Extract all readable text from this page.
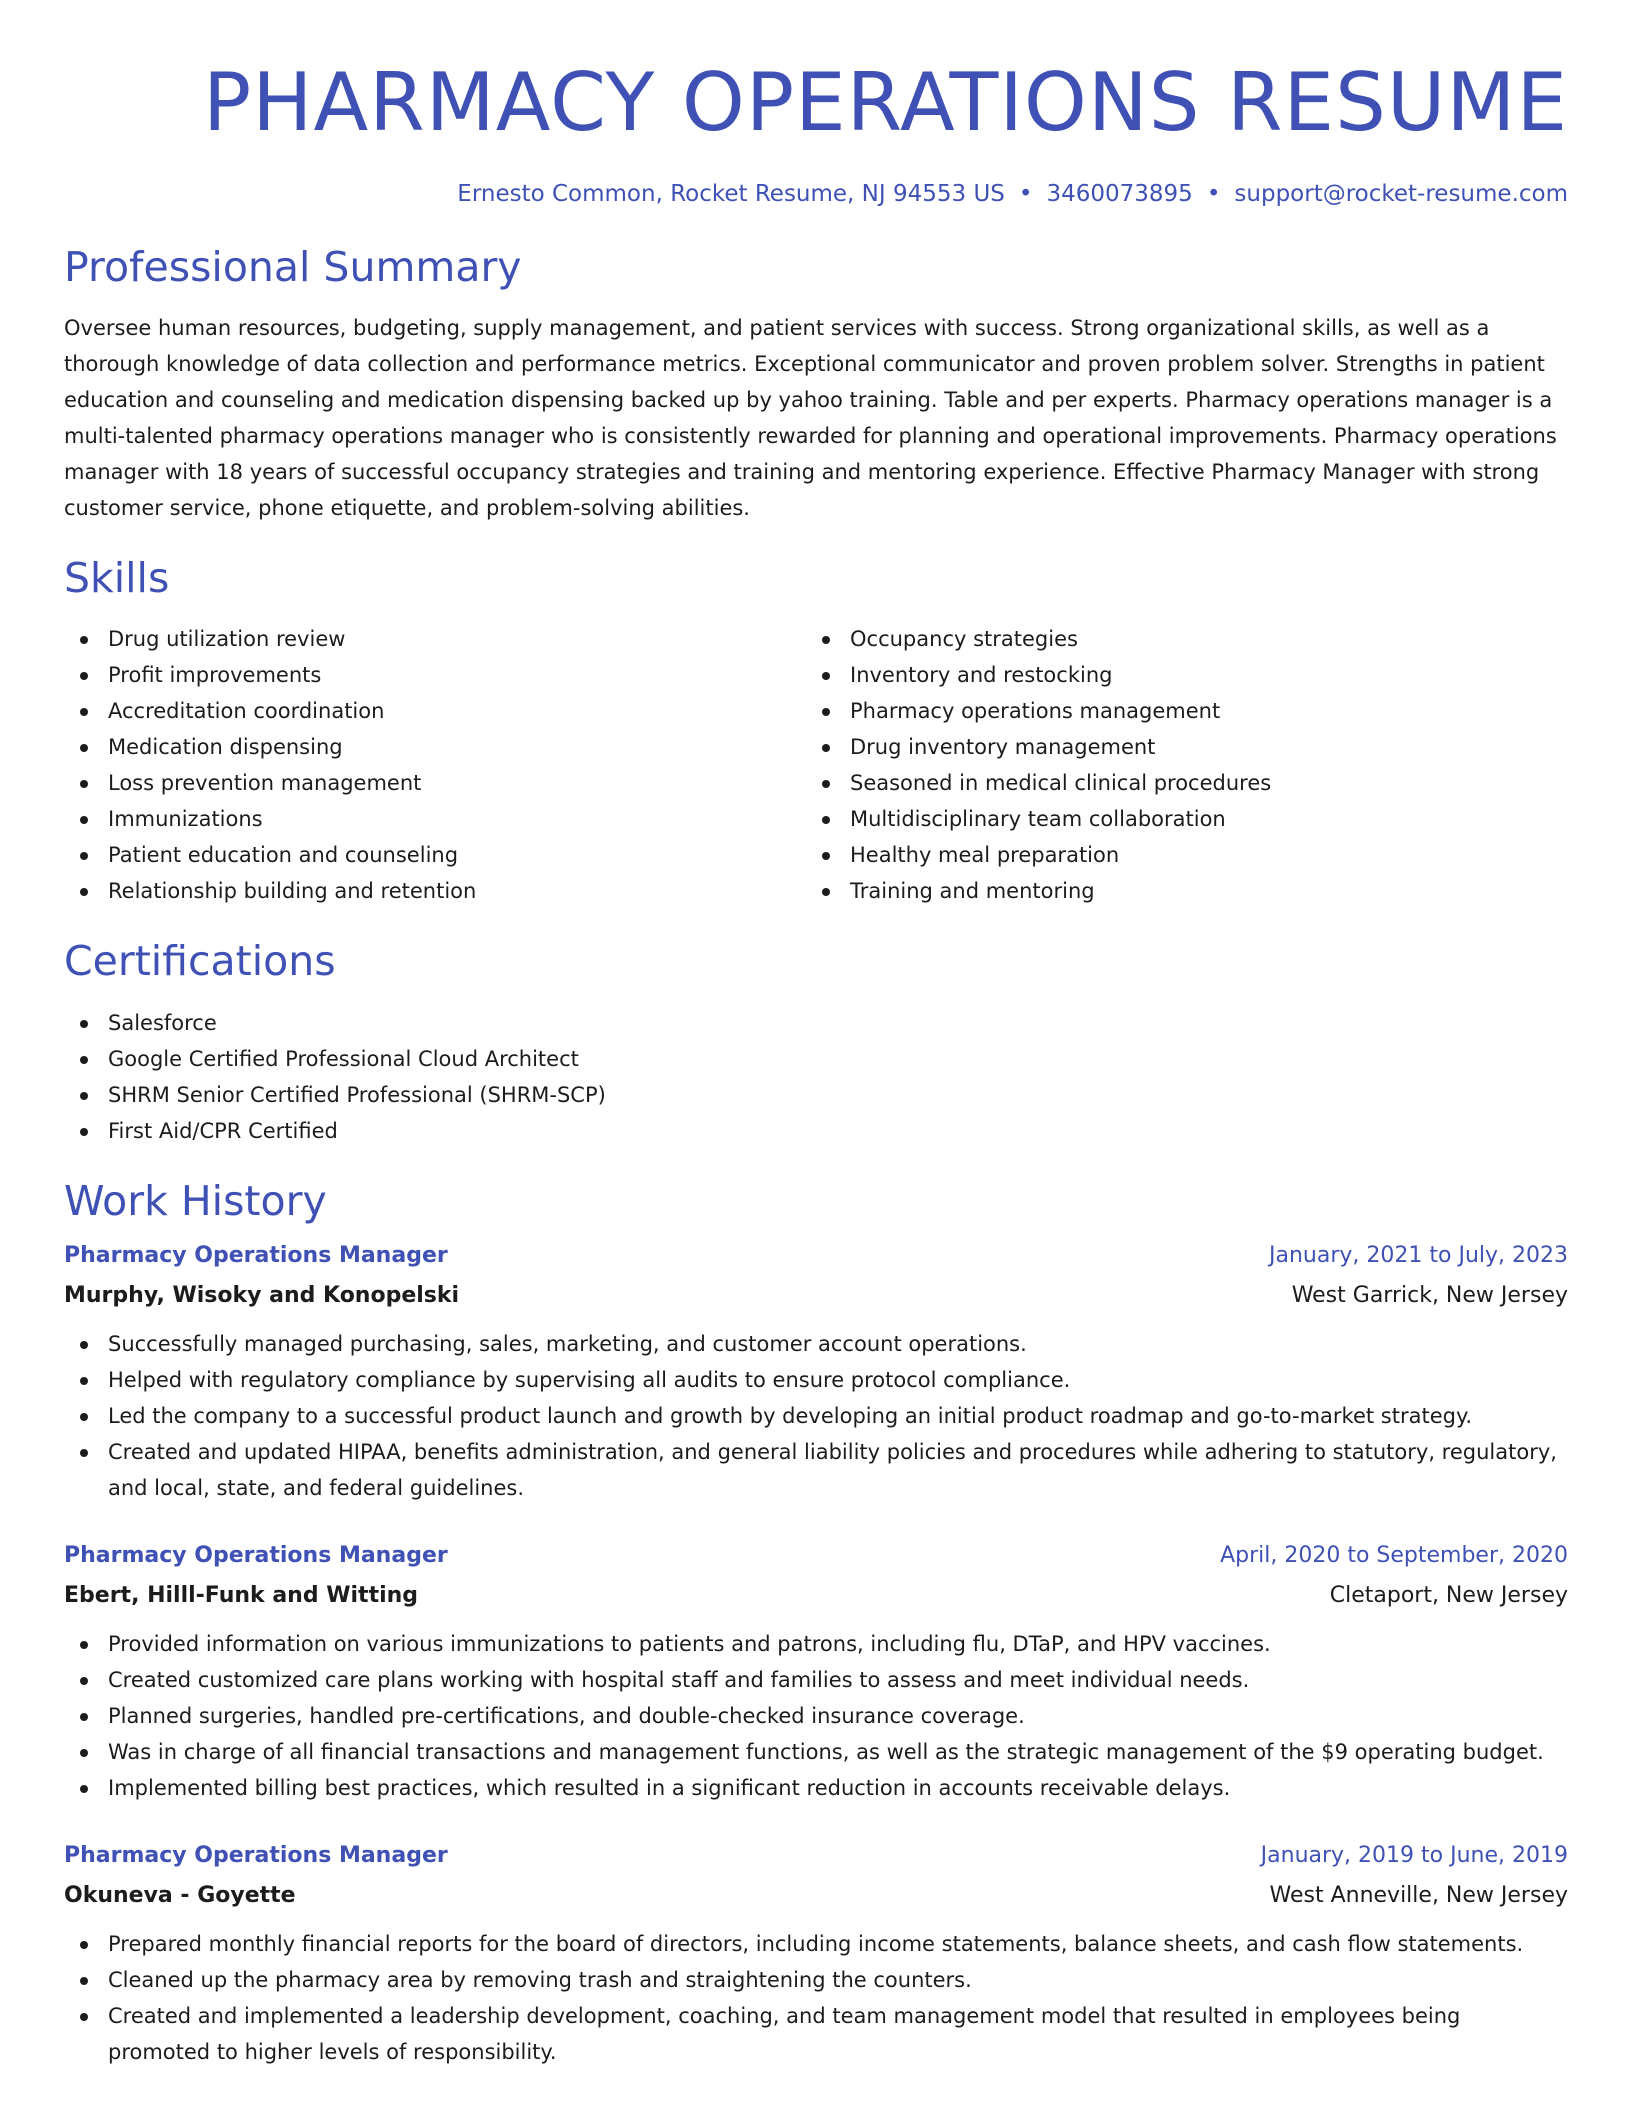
PHARMACY OPERATIONS RESUME
Ernesto Common, Rocket Resume, NJ 94553 US • 3460073895 • support@rocket-resume.com
Professional Summary

Oversee human resources, budgeting, supply management, and patient services with success. Strong organizational skills, as well as a thorough knowledge of data collection and performance metrics. Exceptional communicator and proven problem solver. Strengths in patient education and counseling and medication dispensing backed up by yahoo training. Table and per experts. Pharmacy operations manager is a multi-talented pharmacy operations manager who is consistently rewarded for planning and operational improvements. Pharmacy operations manager with 18 years of successful occupancy strategies and training and mentoring experience. Effective Pharmacy Manager with strong customer service, phone etiquette, and problem-solving abilities.

Skills
Drug utilization review
Profit improvements
Accreditation coordination
Medication dispensing
Loss prevention management
Immunizations
Patient education and counseling
Relationship building and retention
Occupancy strategies
Inventory and restocking
Pharmacy operations management
Drug inventory management
Seasoned in medical clinical procedures
Multidisciplinary team collaboration
Healthy meal preparation
Training and mentoring
Certifications
Salesforce
Google Certified Professional Cloud Architect
SHRM Senior Certified Professional (SHRM-SCP)
First Aid/CPR Certified
Work History
Pharmacy Operations Manager	January, 2021 to July, 2023
Murphy, Wisoky and Konopelski	West Garrick, New Jersey
Successfully managed purchasing, sales, marketing, and customer account operations.
Helped with regulatory compliance by supervising all audits to ensure protocol compliance.
Led the company to a successful product launch and growth by developing an initial product roadmap and go-to-market strategy.
Created and updated HIPAA, benefits administration, and general liability policies and procedures while adhering to statutory, regulatory, and local, state, and federal guidelines.
Pharmacy Operations Manager	April, 2020 to September, 2020
Ebert, Hilll-Funk and Witting	Cletaport, New Jersey
Provided information on various immunizations to patients and patrons, including flu, DTaP, and HPV vaccines.
Created customized care plans working with hospital staff and families to assess and meet individual needs.
Planned surgeries, handled pre-certifications, and double-checked insurance coverage.
Was in charge of all financial transactions and management functions, as well as the strategic management of the $9 operating budget.
Implemented billing best practices, which resulted in a significant reduction in accounts receivable delays.
Pharmacy Operations Manager	January, 2019 to June, 2019
Okuneva - Goyette	West Anneville, New Jersey
Prepared monthly financial reports for the board of directors, including income statements, balance sheets, and cash flow statements.
Cleaned up the pharmacy area by removing trash and straightening the counters.
Created and implemented a leadership development, coaching, and team management model that resulted in employees being promoted to higher levels of responsibility.
